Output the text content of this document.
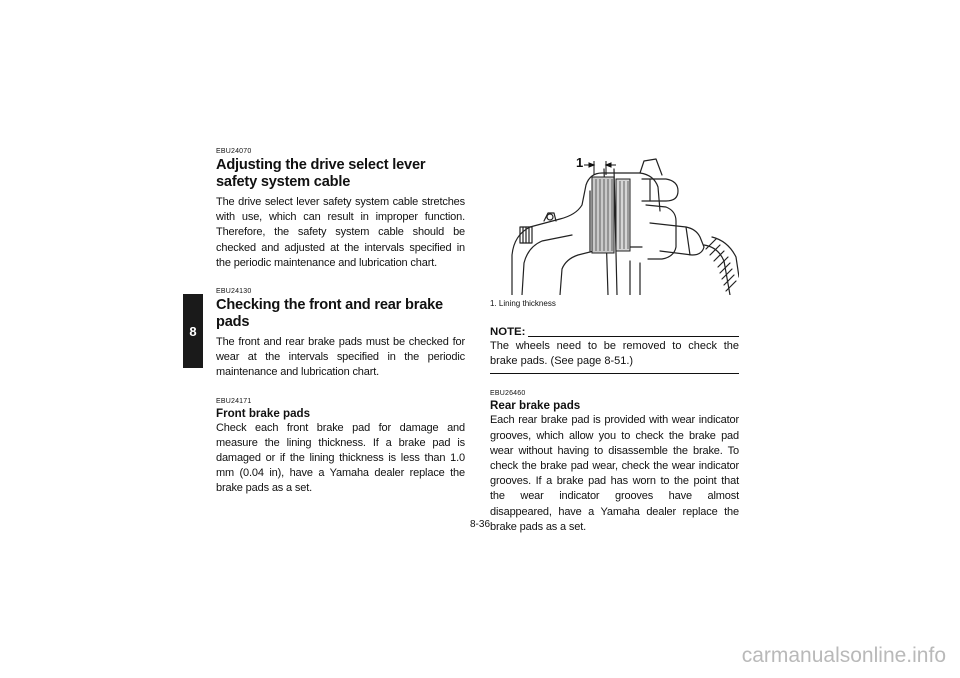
8
EBU24070
Adjusting the drive select lever safety system cable

The drive select lever safety system cable stretches with use, which can result in improper function. Therefore, the safety system cable should be checked and adjusted at the intervals specified in the periodic maintenance and lubrication chart.

EBU24130
Checking the front and rear brake pads

The front and rear brake pads must be checked for wear at the intervals specified in the periodic maintenance and lubrication chart.

EBU24171
Front brake pads

Check each front brake pad for damage and measure the lining thickness. If a brake pad is damaged or if the lining thickness is less than 1.0 mm (0.04 in), have a Yamaha dealer replace the brake pads as a set.

1
1. Lining thickness
NOTE:

The wheels need to be removed to check the brake pads. (See page 8-51.)

EBU26460
Rear brake pads

Each rear brake pad is provided with wear indicator grooves, which allow you to check the brake pad wear without having to disassemble the brake. To check the brake pad wear, check the wear indicator grooves. If a brake pad has worn to the point that the wear indicator grooves have almost disappeared, have a Yamaha dealer replace the brake pads as a set.

8-36
carmanualsonline.info
